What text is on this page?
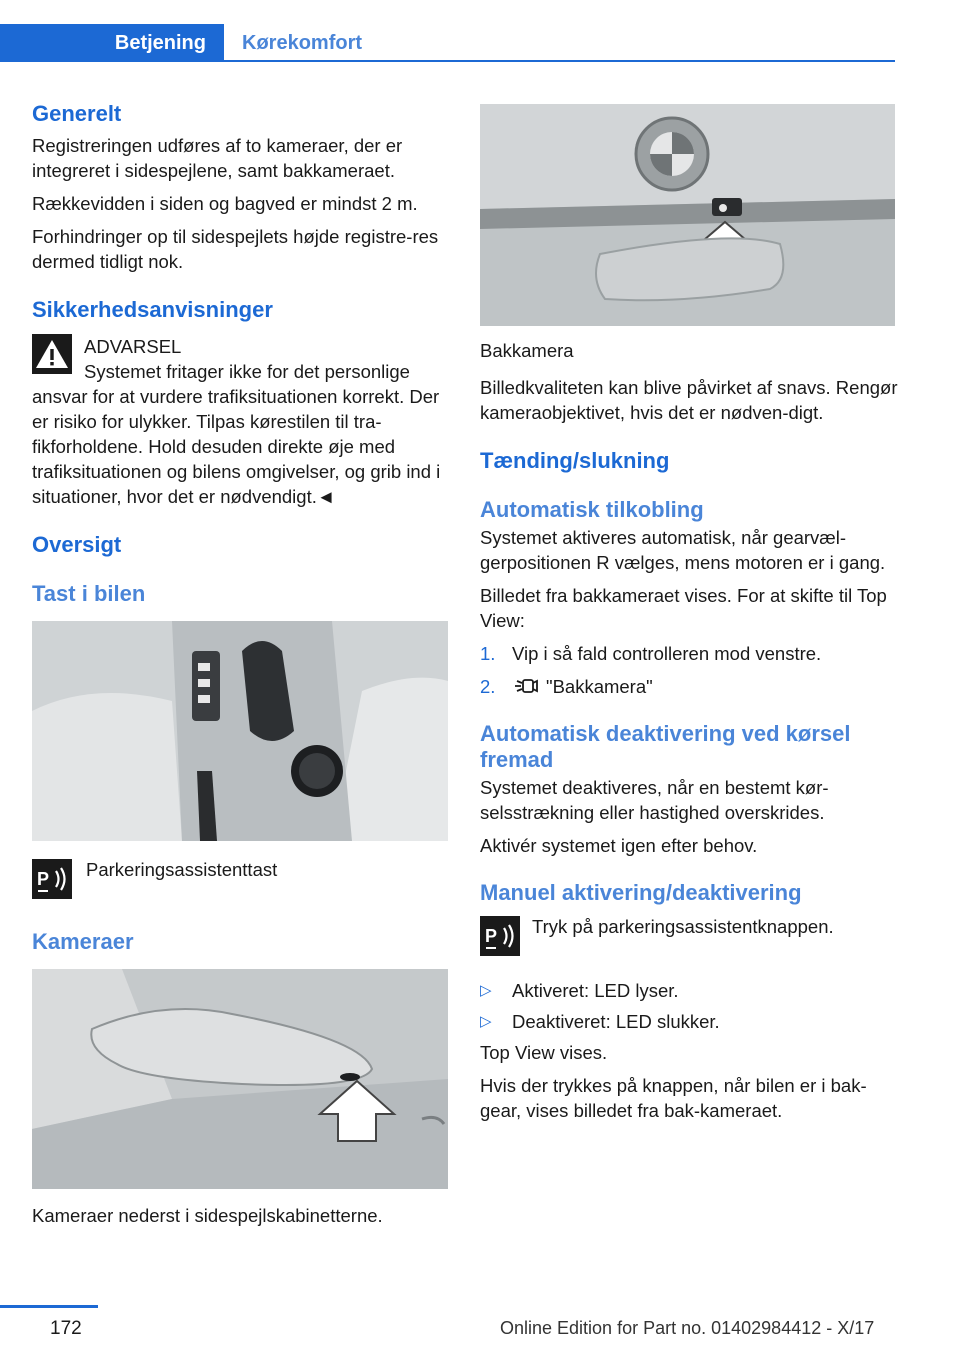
Betjening	Kørekomfort
Generelt

Registreringen udføres af to kameraer, der er integreret i sidespejlene, samt bakkameraet.

Rækkevidden i siden og bagved er mindst 2 m.

Forhindringer op til sidespejlets højde registre‐res dermed tidligt nok.

Sikkerhedsanvisninger

ADVARSEL

Systemet fritager ikke for det personlige ansvar for at vurdere trafiksituationen korrekt. Der er risiko for ulykker. Tilpas kørestilen til tra‐fikforholdene. Hold desuden direkte øje med trafiksituationen og bilens omgivelser, og grib ind i situationer, hvor det er nødvendigt.◄

Oversigt
Tast i bilen
P Parkeringsassistenttast

Kameraer

Kameraer nederst i sidespejlskabinetterne.

Bakkamera

Billedkvaliteten kan blive påvirket af snavs. Rengør kameraobjektivet, hvis det er nødven‐digt.

Tænding/slukning
Automatisk tilkobling

Systemet aktiveres automatisk, når gearvæl‐gerpositionen R vælges, mens motoren er i gang.

Billedet fra bakkameraet vises. For at skifte til Top View:

1. Vip i så fald controlleren mod venstre.
2.	"Bakkamera"
Automatisk deaktivering ved kørsel fremad

Systemet deaktiveres, når en bestemt kør‐selsstrækning eller hastighed overskrides.

Aktivér systemet igen efter behov.

Manuel aktivering/deaktivering
P Tryk på parkeringsassistentknappen.

▷	Aktiveret: LED lyser.
▷	Deaktiveret: LED slukker.

Top View vises.

Hvis der trykkes på knappen, når bilen er i bak‐gear, vises billedet fra bak-kameraet.

172	Online Edition for Part no. 01402984412 - X/17
